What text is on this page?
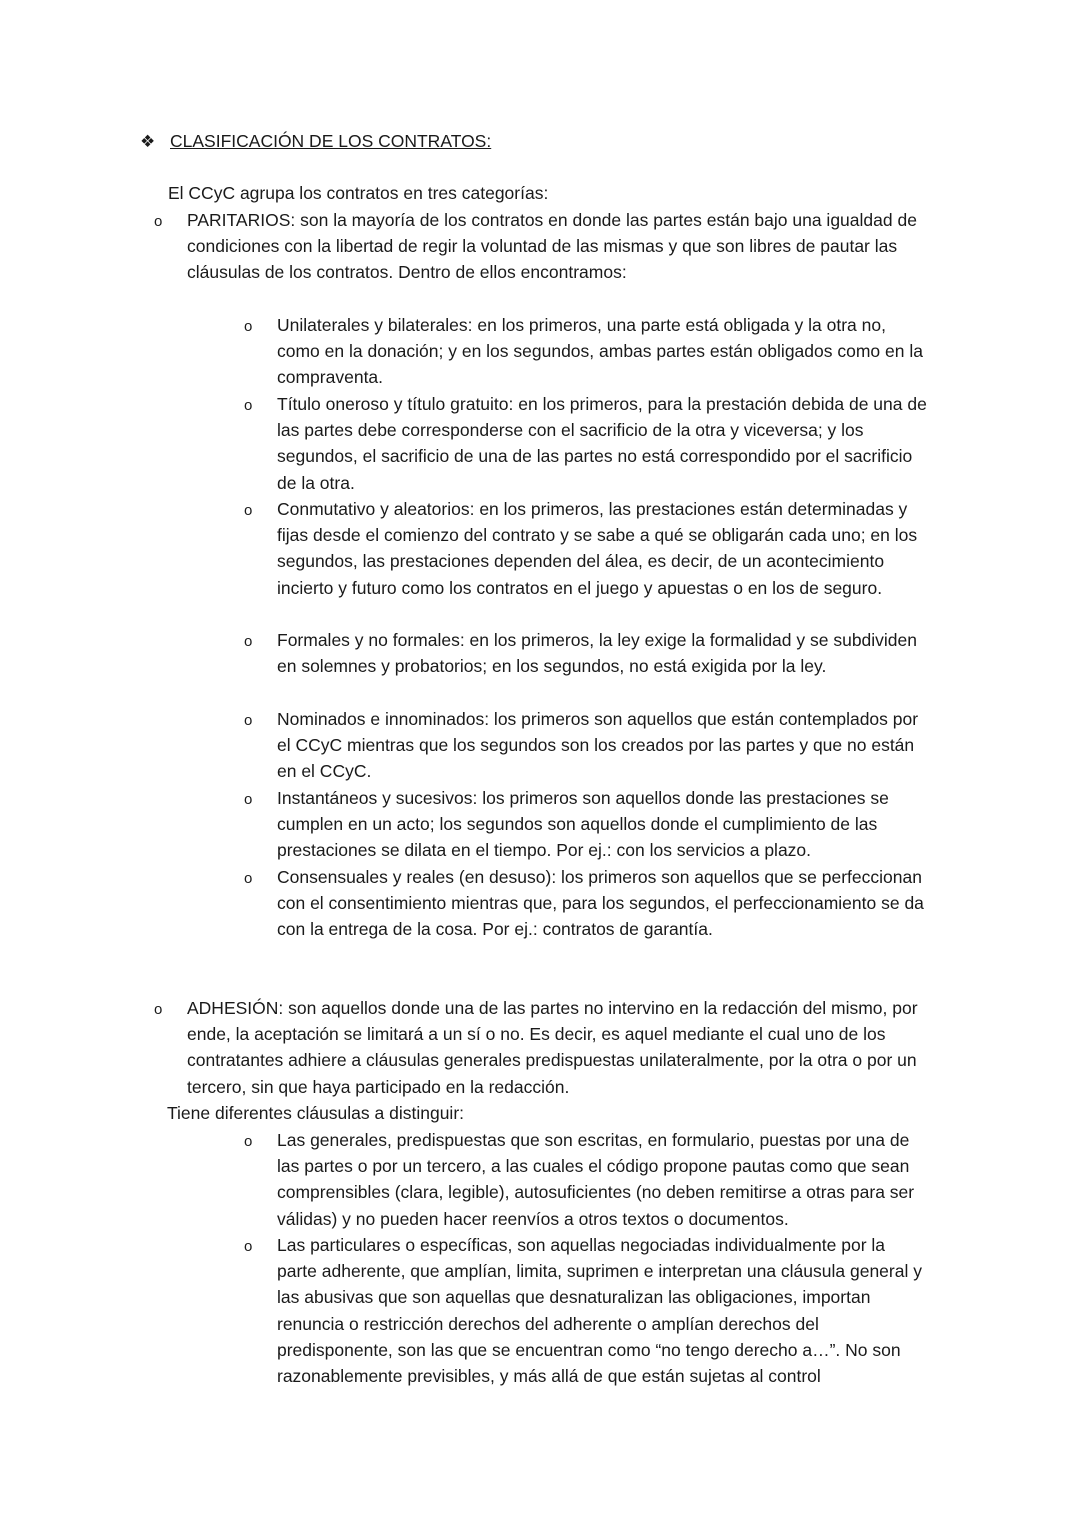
❖ CLASIFICACIÓN DE LOS CONTRATOS:
El CCyC agrupa los contratos en tres categorías:
o PARITARIOS: son la mayoría de los contratos en donde las partes están bajo una igualdad de condiciones con la libertad de regir la voluntad de las mismas y que son libres de pautar las cláusulas de los contratos. Dentro de ellos encontramos:
o Unilaterales y bilaterales: en los primeros, una parte está obligada y la otra no, como en la donación; y en los segundos, ambas partes están obligados como en la compraventa.
o Título oneroso y título gratuito: en los primeros, para la prestación debida de una de las partes debe corresponderse con el sacrificio de la otra y viceversa; y los segundos, el sacrificio de una de las partes no está correspondido por el sacrificio de la otra.
o Conmutativo y aleatorios: en los primeros, las prestaciones están determinadas y fijas desde el comienzo del contrato y se sabe a qué se obligarán cada uno; en los segundos, las prestaciones dependen del álea, es decir, de un acontecimiento incierto y futuro como los contratos en el juego y apuestas o en los de seguro.
o Formales y no formales: en los primeros, la ley exige la formalidad y se subdividen en solemnes y probatorios; en los segundos, no está exigida por la ley.
o Nominados e innominados: los primeros son aquellos que están contemplados por el CCyC mientras que los segundos son los creados por las partes y que no están en el CCyC.
o Instantáneos y sucesivos: los primeros son aquellos donde las prestaciones se cumplen en un acto; los segundos son aquellos donde el cumplimiento de las prestaciones se dilata en el tiempo. Por ej.: con los servicios a plazo.
o Consensuales y reales (en desuso): los primeros son aquellos que se perfeccionan con el consentimiento mientras que, para los segundos, el perfeccionamiento se da con la entrega de la cosa. Por ej.: contratos de garantía.
o ADHESIÓN: son aquellos donde una de las partes no intervino en la redacción del mismo, por ende, la aceptación se limitará a un sí o no. Es decir, es aquel mediante el cual uno de los contratantes adhiere a cláusulas generales predispuestas unilateralmente, por la otra o por un tercero, sin que haya participado en la redacción.
Tiene diferentes cláusulas a distinguir:
o Las generales, predispuestas que son escritas, en formulario, puestas por una de las partes o por un tercero, a las cuales el código propone pautas como que sean comprensibles (clara, legible), autosuficientes (no deben remitirse a otras para ser válidas) y no pueden hacer reenvíos a otros textos o documentos.
o Las particulares o específicas, son aquellas negociadas individualmente por la parte adherente, que amplían, limita, suprimen e interpretan una cláusula general y las abusivas que son aquellas que desnaturalizan las obligaciones, importan renuncia o restricción derechos del adherente o amplían derechos del predisponente, son las que se encuentran como “no tengo derecho a…”. No son razonablemente previsibles, y más allá de que están sujetas al control
